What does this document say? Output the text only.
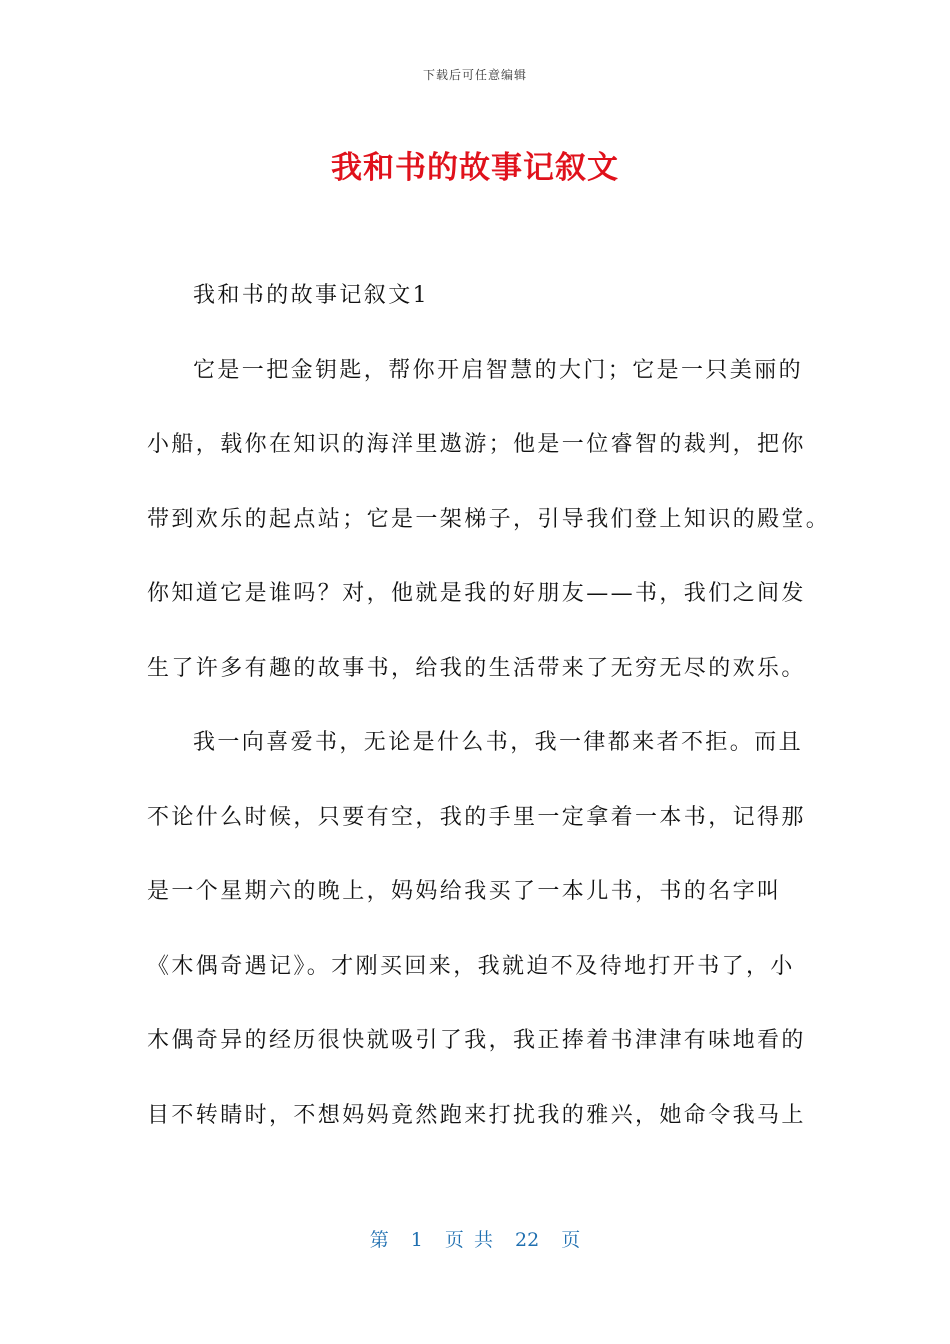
下载后可任意编辑
我和书的故事记叙文
我和书的故事记叙文1
它是一把金钥匙，帮你开启智慧的大门；它是一只美丽的
小船，载你在知识的海洋里遨游；他是一位睿智的裁判，把你
带到欢乐的起点站；它是一架梯子，引导我们登上知识的殿堂。
你知道它是谁吗？对，他就是我的好朋友——书，我们之间发
生了许多有趣的故事书，给我的生活带来了无穷无尽的欢乐。
我一向喜爱书，无论是什么书，我一律都来者不拒。而且
不论什么时候，只要有空，我的手里一定拿着一本书，记得那
是一个星期六的晚上，妈妈给我买了一本儿书，书的名字叫
《木偶奇遇记》。才刚买回来，我就迫不及待地打开书了，小
木偶奇异的经历很快就吸引了我，我正捧着书津津有味地看的
目不转睛时，不想妈妈竟然跑来打扰我的雅兴，她命令我马上
第 1 页 共 22 页
